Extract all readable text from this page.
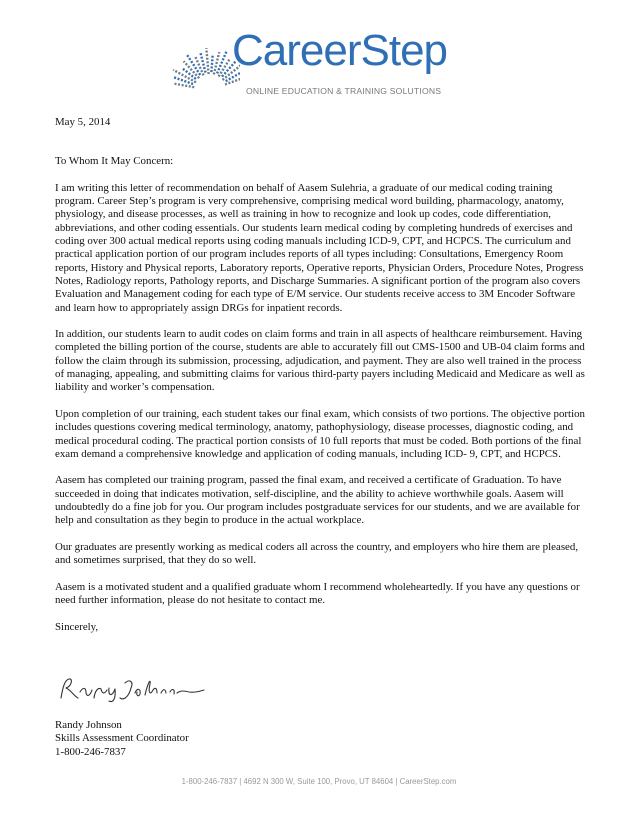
CareerStep
ONLINE EDUCATION & TRAINING SOLUTIONS

May 5, 2014

To Whom It May Concern:

I am writing this letter of recommendation on behalf of Aasem Sulehria, a graduate of our medical coding training program. Career Step’s program is very comprehensive, comprising medical word building, pharmacology, anatomy, physiology, and disease processes, as well as training in how to recognize and look up codes, code differentiation, abbreviations, and other coding essentials. Our students learn medical coding by completing hundreds of exercises and coding over 300 actual medical reports using coding manuals including ICD-9, CPT, and HCPCS. The curriculum and practical application portion of our program includes reports of all types including: Consultations, Emergency Room reports, History and Physical reports, Laboratory reports, Operative reports, Physician Orders, Procedure Notes, Progress Notes, Radiology reports, Pathology reports, and Discharge Summaries. A significant portion of the program also covers Evaluation and Management coding for each type of E/M service. Our students receive access to 3M Encoder Software and learn how to appropriately assign DRGs for inpatient records.

In addition, our students learn to audit codes on claim forms and train in all aspects of healthcare reimbursement. Having completed the billing portion of the course, students are able to accurately fill out CMS-1500 and UB-04 claim forms and follow the claim through its submission, processing, adjudication, and payment. They are also well trained in the process of managing, appealing, and submitting claims for various third-party payers including Medicaid and Medicare as well as liability and worker’s compensation.

Upon completion of our training, each student takes our final exam, which consists of two portions. The objective portion includes questions covering medical terminology, anatomy, pathophysiology, disease processes, diagnostic coding, and medical procedural coding. The practical portion consists of 10 full reports that must be coded. Both portions of the final exam demand a comprehensive knowledge and application of coding manuals, including ICD- 9, CPT, and HCPCS.

Aasem has completed our training program, passed the final exam, and received a certificate of Graduation. To have succeeded in doing that indicates motivation, self-discipline, and the ability to achieve worthwhile goals. Aasem will undoubtedly do a fine job for you. Our program includes postgraduate services for our students, and we are available for help and consultation as they begin to produce in the actual workplace.

Our graduates are presently working as medical coders all across the country, and employers who hire them are pleased, and sometimes surprised, that they do so well.

Aasem is a motivated student and a qualified graduate whom I recommend wholeheartedly. If you have any questions or need further information, please do not hesitate to contact me.

Sincerely,

Randy Johnson
Skills Assessment Coordinator
1-800-246-7837
1-800-246-7837 | 4692 N 300 W, Suite 100, Provo, UT 84604 | CareerStep.com
